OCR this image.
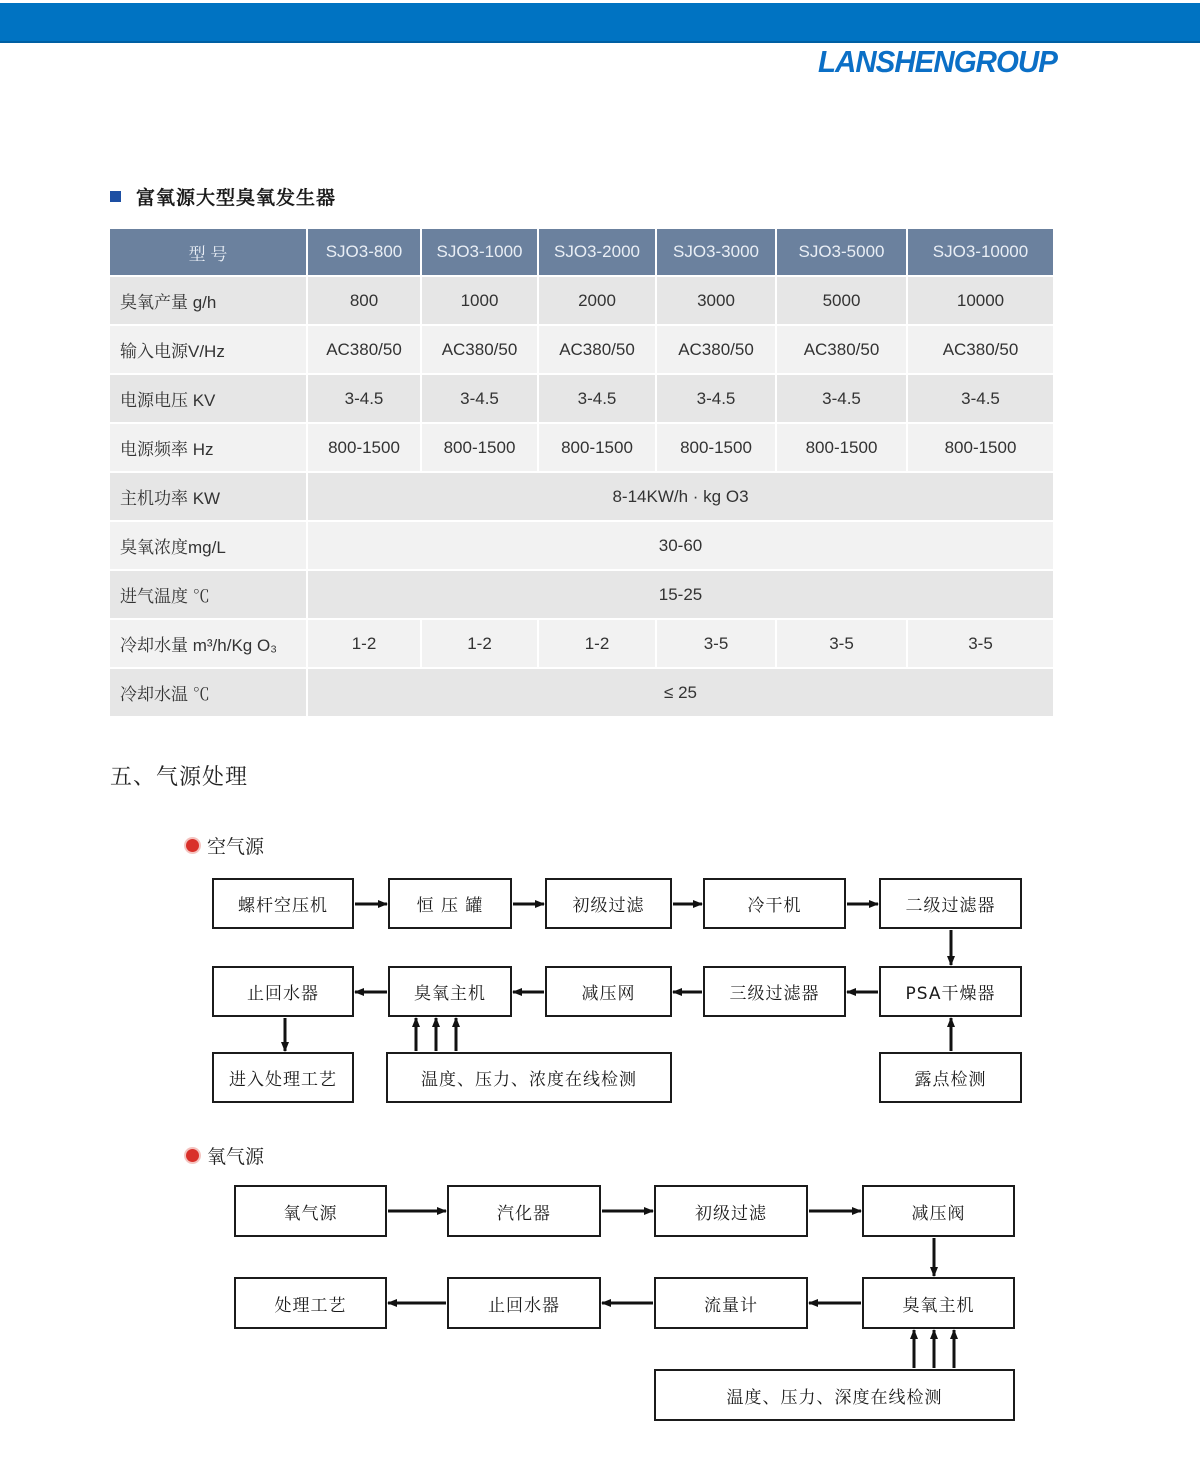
LANSHENGROUP
富氧源大型臭氧发生器
型 号	SJO3-800	SJO3-1000	SJO3-2000	SJO3-3000	SJO3-5000	SJO3-10000
臭氧产量 g/h	800	1000	2000	3000	5000	10000
输入电源V/Hz	AC380/50	AC380/50	AC380/50	AC380/50	AC380/50	AC380/50
电源电压 KV	3-4.5	3-4.5	3-4.5	3-4.5	3-4.5	3-4.5
电源频率 Hz	800-1500	800-1500	800-1500	800-1500	800-1500	800-1500
主机功率 KW	8-14KW/h · kg O3					
臭氧浓度mg/L	30-60					
进气温度 ℃	15-25					
冷却水量 m³/h/Kg O₃	1-2	1-2	1-2	3-5	3-5	3-5
冷却水温 ℃	≤ 25					
五、气源处理
空气源
螺杆空压机	恒 压 罐	初级过滤	冷干机	二级过滤器
止回水器	臭氧主机	减压网	三级过滤器	PSA干燥器
进入处理工艺	温度、压力、浓度在线检测	露点检测
氧气源
氧气源	汽化器	初级过滤	减压阀
处理工艺	止回水器	流量计	臭氧主机
温度、压力、深度在线检测
